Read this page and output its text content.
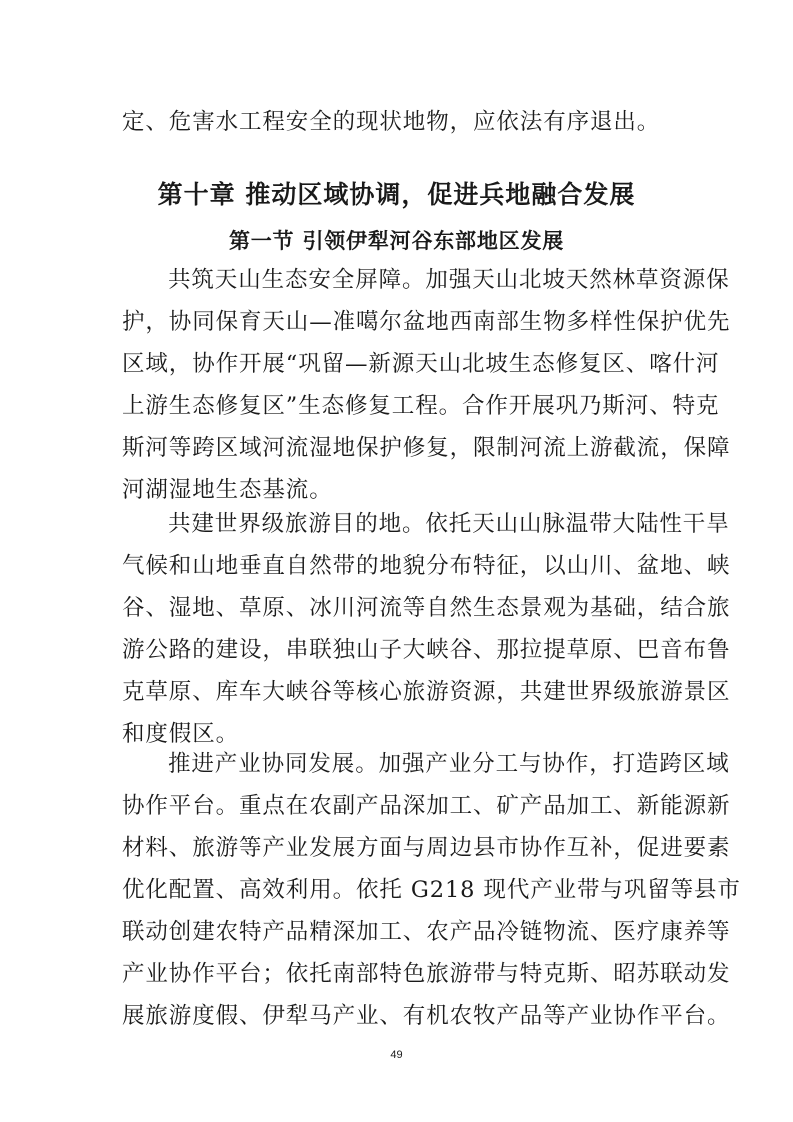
定、危害水工程安全的现状地物，应依法有序退出。
第十章 推动区域协调，促进兵地融合发展
第一节 引领伊犁河谷东部地区发展
共筑天山生态安全屏障。加强天山北坡天然林草资源保
护，协同保育天山—准噶尔盆地西南部生物多样性保护优先
区域，协作开展“巩留—新源天山北坡生态修复区、喀什河
上游生态修复区”生态修复工程。合作开展巩乃斯河、特克
斯河等跨区域河流湿地保护修复，限制河流上游截流，保障
河湖湿地生态基流。
共建世界级旅游目的地。依托天山山脉温带大陆性干旱
气候和山地垂直自然带的地貌分布特征，以山川、盆地、峡
谷、湿地、草原、冰川河流等自然生态景观为基础，结合旅
游公路的建设，串联独山子大峡谷、那拉提草原、巴音布鲁
克草原、库车大峡谷等核心旅游资源，共建世界级旅游景区
和度假区。
推进产业协同发展。加强产业分工与协作，打造跨区域
协作平台。重点在农副产品深加工、矿产品加工、新能源新
材料、旅游等产业发展方面与周边县市协作互补，促进要素
优化配置、高效利用。依托 G218 现代产业带与巩留等县市
联动创建农特产品精深加工、农产品冷链物流、医疗康养等
产业协作平台；依托南部特色旅游带与特克斯、昭苏联动发
展旅游度假、伊犁马产业、有机农牧产品等产业协作平台。
49
